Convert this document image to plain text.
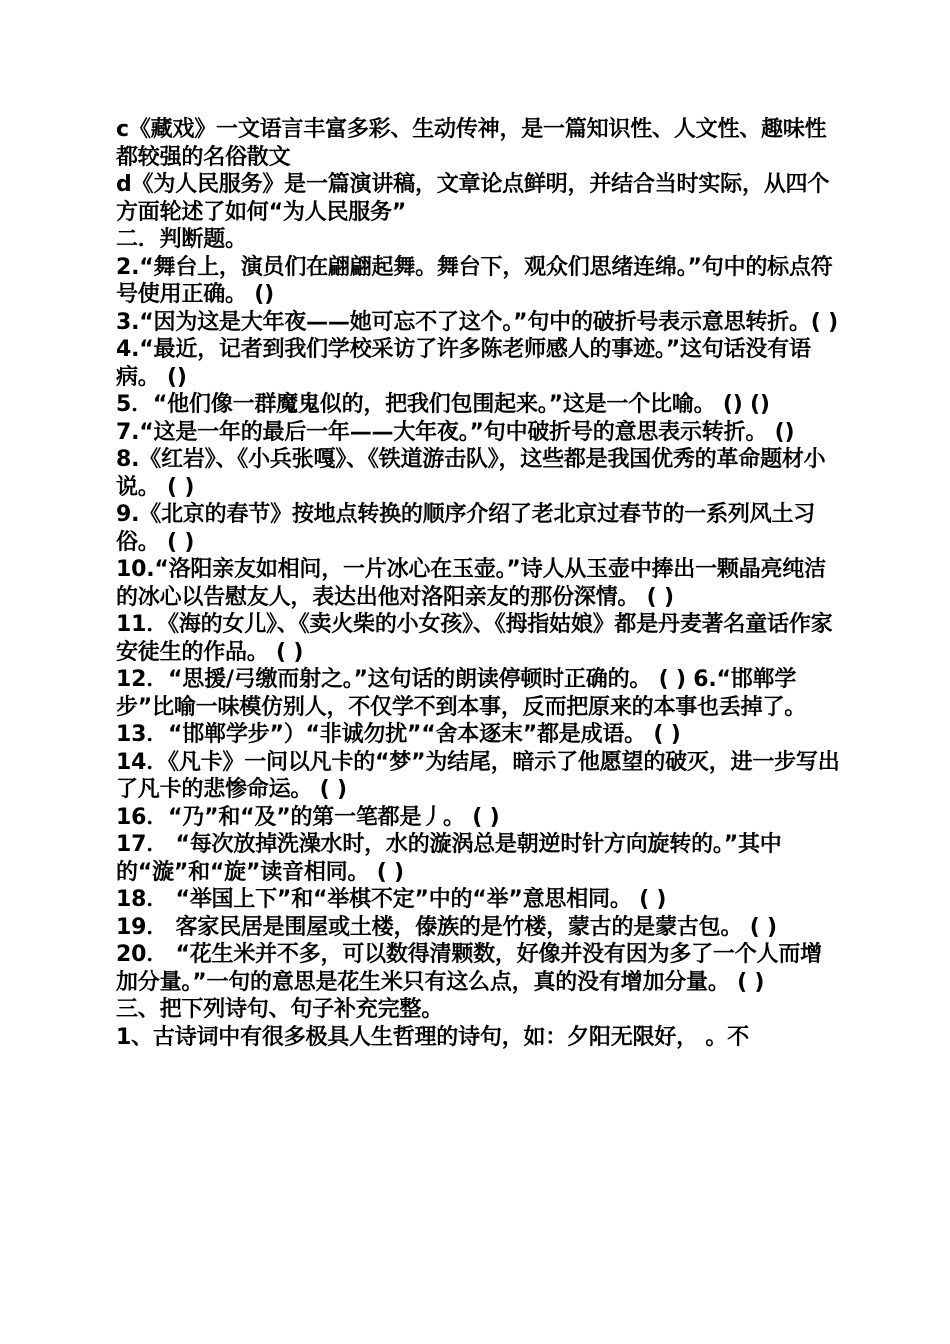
c《藏戏》一文语言丰富多彩、生动传神，是一篇知识性、人文性、趣味性都较强的名俗散文

d《为人民服务》是一篇演讲稿，文章论点鲜明，并结合当时实际，从四个方面轮述了如何“为人民服务”

二．判断题。

2.“舞台上，演员们在翩翩起舞。舞台下，观众们思绪连绵。”句中的标点符号使用正确。 ()

3.“因为这是大年夜——她可忘不了这个。”句中的破折号表示意思转折。( )

4.“最近，记者到我们学校采访了许多陈老师感人的事迹。”这句话没有语病。 ()

5．“他们像一群魔鬼似的，把我们包围起来。”这是一个比喻。 () ()

7.“这是一年的最后一年——大年夜。”句中破折号的意思表示转折。 ()

8.《红岩》、《小兵张嘎》、《铁道游击队》，这些都是我国优秀的革命题材小说。 ( )

9.《北京的春节》按地点转换的顺序介绍了老北京过春节的一系列风土习俗。 ( )

10.“洛阳亲友如相问，一片冰心在玉壶。”诗人从玉壶中捧出一颗晶亮纯洁的冰心以告慰友人，表达出他对洛阳亲友的那份深情。 ( )

11．《海的女儿》、《卖火柴的小女孩》、《拇指姑娘》都是丹麦著名童话作家安徒生的作品。 ( )

12．“思援/弓缴而射之。”这句话的朗读停顿时正确的。 ( ) 6.“邯郸学步”比喻一味模仿别人，不仅学不到本事，反而把原来的本事也丢掉了。

13．“邯郸学步”）“非诚勿扰”“舍本逐末”都是成语。 ( )

14．《凡卡》一问以凡卡的“梦”为结尾，暗示了他愿望的破灭，进一步写出了凡卡的悲惨命运。 ( )

16．“乃”和“及”的第一笔都是丿。 ( )

17． “每次放掉洗澡水时，水的漩涡总是朝逆时针方向旋转的。”其中的“漩”和“旋”读音相同。 ( )

18． “举国上下”和“举棋不定”中的“举”意思相同。 ( )

19． 客家民居是围屋或土楼，傣族的是竹楼，蒙古的是蒙古包。 ( )

20． “花生米并不多，可以数得清颗数，好像并没有因为多了一个人而增加分量。”一句的意思是花生米只有这么点，真的没有增加分量。 ( )

三、把下列诗句、句子补充完整。

1、古诗词中有很多极具人生哲理的诗句，如：夕阳无限好， 。不
